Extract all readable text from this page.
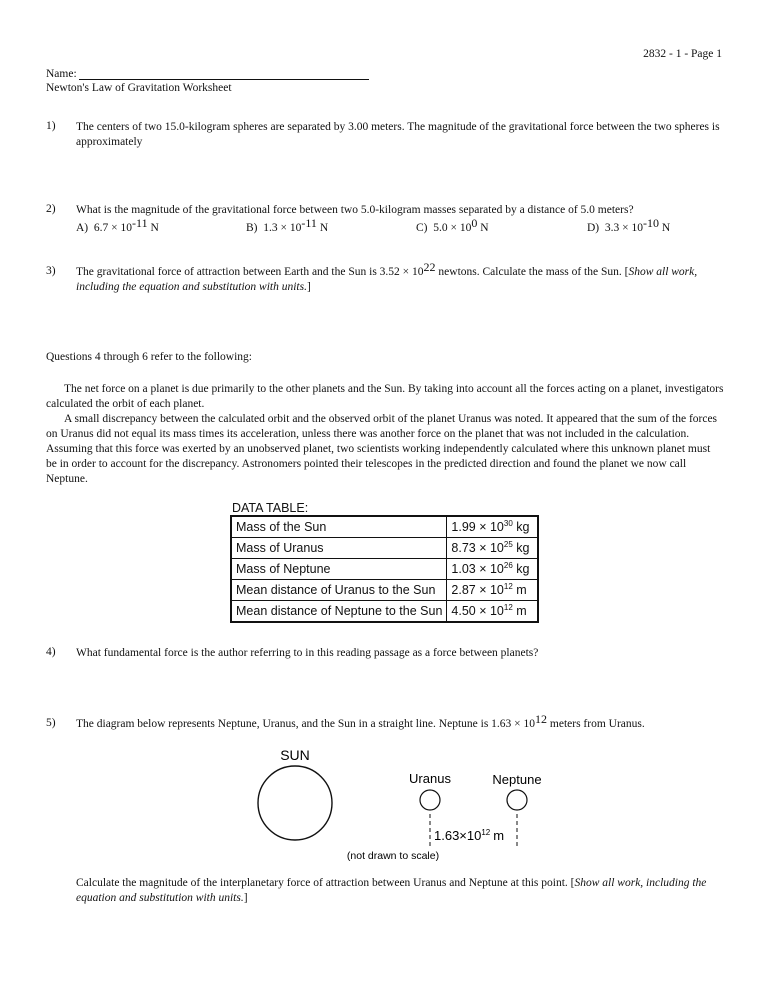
2832 - 1 - Page 1
Name:
Newton's Law of Gravitation Worksheet
1) The centers of two 15.0-kilogram spheres are separated by 3.00 meters. The magnitude of the gravitational force between the two spheres is approximately
2) What is the magnitude of the gravitational force between two 5.0-kilogram masses separated by a distance of 5.0 meters?
A) $6.7 \times 10^{-11}$ N	B) $1.3 \times 10^{-11}$ N	C) $5.0 \times 10^0$ N	D) $3.3 \times 10^{-10}$ N
3) The gravitational force of attraction between Earth and the Sun is $3.52 \times 10^{22}$ newtons. Calculate the mass of the Sun. [Show all work, including the equation and substitution with units.]
Questions 4 through 6 refer to the following:

The net force on a planet is due primarily to the other planets and the Sun. By taking into account all the forces acting on a planet, investigators calculated the orbit of each planet.

A small discrepancy between the calculated orbit and the observed orbit of the planet Uranus was noted. It appeared that the sum of the forces on Uranus did not equal its mass times its acceleration, unless there was another force on the planet that was not included in the calculation. Assuming that this force was exerted by an unobserved planet, two scientists working independently calculated where this unknown planet must be in order to account for the discrepancy. Astronomers pointed their telescopes in the predicted direction and found the planet we now call Neptune.

DATA TABLE:
Mass of the Sun	$1.99 \times 10^{30}$ kg
Mass of Uranus	$8.73 \times 10^{25}$ kg
Mass of Neptune	$1.03 \times 10^{26}$ kg
Mean distance of Uranus to the Sun	$2.87 \times 10^{12}$ m
Mean distance of Neptune to the Sun	$4.50 \times 10^{12}$ m
4) What fundamental force is the author referring to in this reading passage as a force between planets?
5) The diagram below represents Neptune, Uranus, and the Sun in a straight line. Neptune is $1.63 \times 10^{12}$ meters from Uranus.
SUN
Uranus	Neptune
$1.63\times 10^{12}$ m
(not drawn to scale)
Calculate the magnitude of the interplanetary force of attraction between Uranus and Neptune at this point. [Show all work, including the equation and substitution with units.]
